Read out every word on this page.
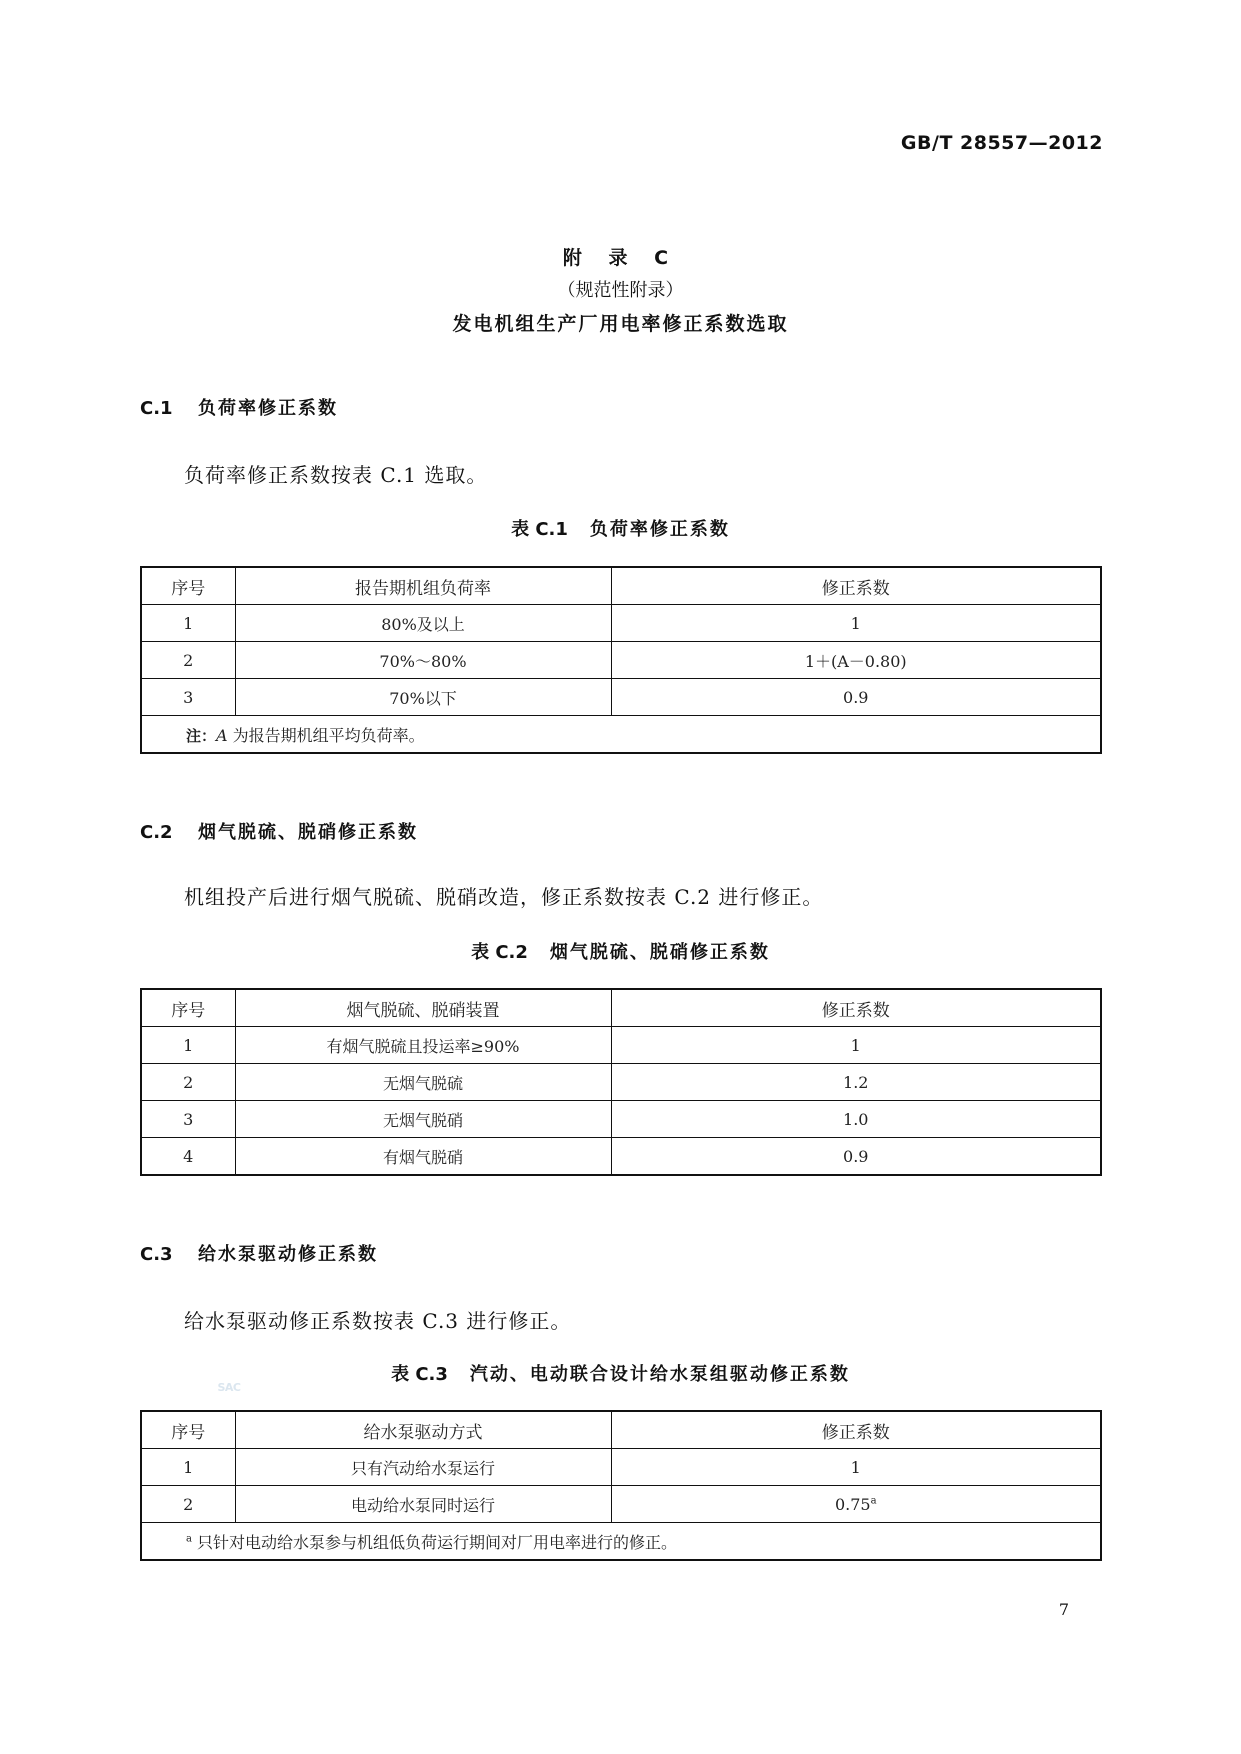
GB/T 28557—2012
附 录 C
（规范性附录）
发电机组生产厂用电率修正系数选取
C.1 负荷率修正系数
负荷率修正系数按表 C.1 选取。
表 C.1 负荷率修正系数
序号	报告期机组负荷率	修正系数
1	80%及以上	1
2	70%～80%	1＋(A－0.80)
3	70%以下	0.9
注：A 为报告期机组平均负荷率。		
C.2 烟气脱硫、脱硝修正系数
机组投产后进行烟气脱硫、脱硝改造，修正系数按表 C.2 进行修正。
表 C.2 烟气脱硫、脱硝修正系数
序号	烟气脱硫、脱硝装置	修正系数
1	有烟气脱硫且投运率≥90%	1
2	无烟气脱硫	1.2
3	无烟气脱硝	1.0
4	有烟气脱硝	0.9
C.3 给水泵驱动修正系数
给水泵驱动修正系数按表 C.3 进行修正。
SAC
表 C.3 汽动、电动联合设计给水泵组驱动修正系数
序号	给水泵驱动方式	修正系数
1	只有汽动给水泵运行	1
2	电动给水泵同时运行	0.75$^a$
$^a$ 只针对电动给水泵参与机组低负荷运行期间对厂用电率进行的修正。		
7
